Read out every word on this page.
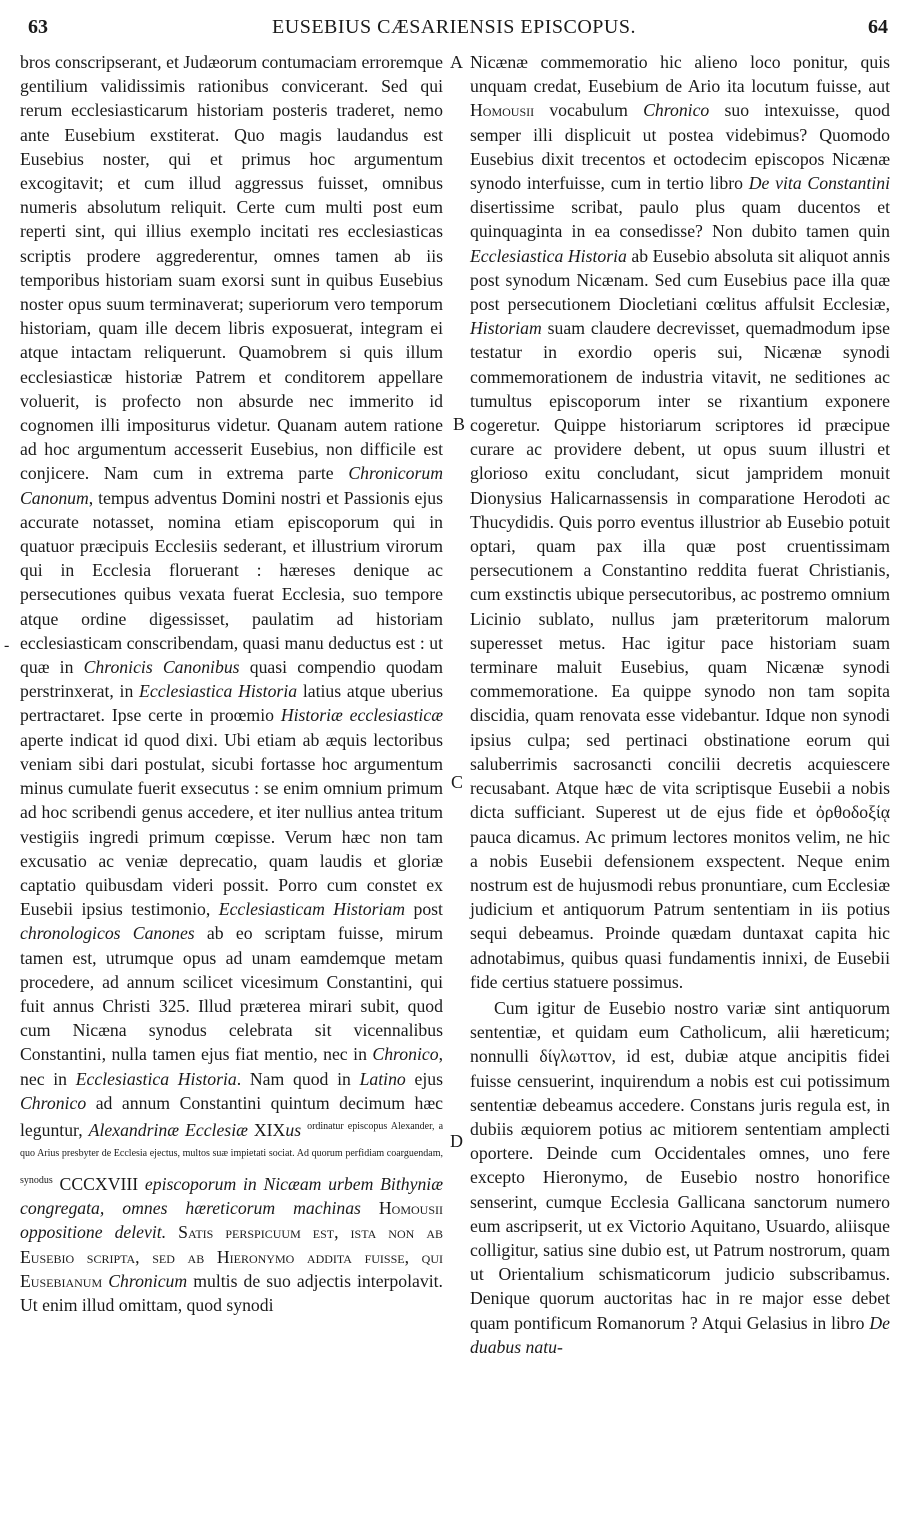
63	EUSEBIUS CÆSARIENSIS EPISCOPUS.	64
A
B
C
D
-

bros conscripserant, et Judæorum contumaciam erroremque gentilium validissimis rationibus convicerant. Sed qui rerum ecclesiasticarum historiam posteris traderet, nemo ante Eusebium exstiterat. Quo magis laudandus est Eusebius noster, qui et primus hoc argumentum excogitavit; et cum illud aggressus fuisset, omnibus numeris absolutum reliquit. Certe cum multi post eum reperti sint, qui illius exemplo incitati res ecclesiasticas scriptis prodere aggrederentur, omnes tamen ab iis temporibus historiam suam exorsi sunt in quibus Eusebius noster opus suum terminaverat; superiorum vero temporum historiam, quam ille decem libris exposuerat, integram ei atque intactam reliquerunt. Quamobrem si quis illum ecclesiasticæ historiæ Patrem et conditorem appellare voluerit, is profecto non absurde nec immerito id cognomen illi impositurus videtur. Quanam autem ratione ad hoc argumentum accesserit Eusebius, non difficile est conjicere. Nam cum in extrema parte Chronicorum Canonum, tempus adventus Domini nostri et Passionis ejus accurate notasset, nomina etiam episcoporum qui in quatuor præcipuis Ecclesiis sederant, et illustrium virorum qui in Ecclesia floruerant : hæreses denique ac persecutiones quibus vexata fuerat Ecclesia, suo tempore atque ordine digessisset, paulatim ad historiam ecclesiasticam conscribendam, quasi manu deductus est : ut quæ in Chronicis Canonibus quasi compendio quodam perstrinxerat, in Ecclesiastica Historia latius atque uberius pertractaret. Ipse certe in proœmio Historiæ ecclesiasticæ aperte indicat id quod dixi. Ubi etiam ab æquis lectoribus veniam sibi dari postulat, sicubi fortasse hoc argumentum minus cumulate fuerit exsecutus : se enim omnium primum ad hoc scribendi genus accedere, et iter nullius antea tritum vestigiis ingredi primum cœpisse. Verum hæc non tam excusatio ac veniæ deprecatio, quam laudis et gloriæ captatio quibusdam videri possit. Porro cum constet ex Eusebii ipsius testimonio, Ecclesiasticam Historiam post chronologicos Canones ab eo scriptam fuisse, mirum tamen est, utrumque opus ad unam eamdemque metam procedere, ad annum scilicet vicesimum Constantini, qui fuit annus Christi 325. Illud præterea mirari subit, quod cum Nicæna synodus celebrata sit vicennalibus Constantini, nulla tamen ejus fiat mentio, nec in Chronico, nec in Ecclesiastica Historia. Nam quod in Latino ejus Chronico ad annum Constantini quintum decimum hæc leguntur, Alexandrinæ Ecclesiæ XIXus $^{ordinatur episcopus Alexander, a quo Arius presbyter de Ecclesia ejectus, multos suæ impietati sociat. Ad quorum perfidiam coarguendam, synodus}$ CCCXVIII episcoporum in Nicæam urbem Bithyniæ congregata, omnes hæreticorum machinas Homousii oppositione delevit. Satis perspicuum est, ista non ab Eusebio scripta, sed ab Hieronymo addita fuisse, qui Eusebianum Chronicum multis de suo adjectis interpolavit. Ut enim illud omittam, quod synodi

Nicænæ commemoratio hic alieno loco ponitur, quis unquam credat, Eusebium de Ario ita locutum fuisse, aut Homousii vocabulum Chronico suo intexuisse, quod semper illi displicuit ut postea videbimus? Quomodo Eusebius dixit trecentos et octodecim episcopos Nicænæ synodo interfuisse, cum in tertio libro De vita Constantini disertissime scribat, paulo plus quam ducentos et quinquaginta in ea consedisse? Non dubito tamen quin Ecclesiastica Historia ab Eusebio absoluta sit aliquot annis post synodum Nicænam. Sed cum Eusebius pace illa quæ post persecutionem Diocletiani cœlitus affulsit Ecclesiæ, Historiam suam claudere decrevisset, quemadmodum ipse testatur in exordio operis sui, Nicænæ synodi commemorationem de industria vitavit, ne seditiones ac tumultus episcoporum inter se rixantium exponere cogeretur. Quippe historiarum scriptores id præcipue curare ac providere debent, ut opus suum illustri et glorioso exitu concludant, sicut jampridem monuit Dionysius Halicarnassensis in comparatione Herodoti ac Thucydidis. Quis porro eventus illustrior ab Eusebio potuit optari, quam pax illa quæ post cruentissimam persecutionem a Constantino reddita fuerat Christianis, cum exstinctis ubique persecutoribus, ac postremo omnium Licinio sublato, nullus jam præteritorum malorum superesset metus. Hac igitur pace historiam suam terminare maluit Eusebius, quam Nicænæ synodi commemoratione. Ea quippe synodo non tam sopita discidia, quam renovata esse videbantur. Idque non synodi ipsius culpa; sed pertinaci obstinatione eorum qui saluberrimis sacrosancti concilii decretis acquiescere recusabant. Atque hæc de vita scriptisque Eusebii a nobis dicta sufficiant. Superest ut de ejus fide et ὀρθοδοξίᾳ pauca dicamus. Ac primum lectores monitos velim, ne hic a nobis Eusebii defensionem exspectent. Neque enim nostrum est de hujusmodi rebus pronuntiare, cum Ecclesiæ judicium et antiquorum Patrum sententiam in iis potius sequi debeamus. Proinde quædam duntaxat capita hic adnotabimus, quibus quasi fundamentis innixi, de Eusebii fide certius statuere possimus.

Cum igitur de Eusebio nostro variæ sint antiquorum sententiæ, et quidam eum Catholicum, alii hæreticum; nonnulli δίγλωττον, id est, dubiæ atque ancipitis fidei fuisse censuerint, inquirendum a nobis est cui potissimum sententiæ debeamus accedere. Constans juris regula est, in dubiis æquiorem potius ac mitiorem sententiam amplecti oportere. Deinde cum Occidentales omnes, uno fere excepto Hieronymo, de Eusebio nostro honorifice senserint, cumque Ecclesia Gallicana sanctorum numero eum ascripserit, ut ex Victorio Aquitano, Usuardo, aliisque colligitur, satius sine dubio est, ut Patrum nostrorum, quam ut Orientalium schismaticorum judicio subscribamus. Denique quorum auctoritas hac in re major esse debet quam pontificum Romanorum ? Atqui Gelasius in libro De duabus natu-
